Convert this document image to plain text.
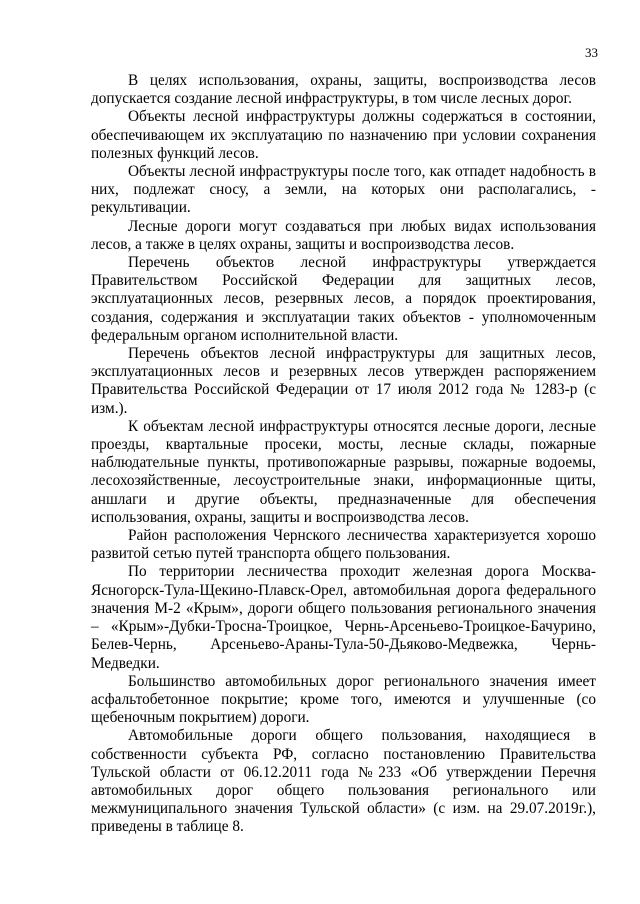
33

В целях использования, охраны, защиты, воспроизводства лесов допускается создание лесной инфраструктуры, в том числе лесных дорог.

Объекты лесной инфраструктуры должны содержаться в состоянии, обеспечивающем их эксплуатацию по назначению при условии сохранения полезных функций лесов.

Объекты лесной инфраструктуры после того, как отпадет надобность в них, подлежат сносу, а земли, на которых они располагались, - рекультивации.

Лесные дороги могут создаваться при любых видах использования лесов, а также в целях охраны, защиты и воспроизводства лесов.

Перечень объектов лесной инфраструктуры утверждается Правительством Российской Федерации для защитных лесов, эксплуатационных лесов, резервных лесов, а порядок проектирования, создания, содержания и эксплуатации таких объектов - уполномоченным федеральным органом исполнительной власти.

Перечень объектов лесной инфраструктуры для защитных лесов, эксплуатационных лесов и резервных лесов утвержден распоряжением Правительства Российской Федерации от 17 июля 2012 года № 1283-р (с изм.).

К объектам лесной инфраструктуры относятся лесные дороги, лесные проезды, квартальные просеки, мосты, лесные склады, пожарные наблюдательные пункты, противопожарные разрывы, пожарные водоемы, лесохозяйственные, лесоустроительные знаки, информационные щиты, аншлаги и другие объекты, предназначенные для обеспечения использования, охраны, защиты и воспроизводства лесов.

Район расположения Чернского лесничества характеризуется хорошо развитой сетью путей транспорта общего пользования.

По территории лесничества проходит железная дорога Москва-Ясногорск-Тула-Щекино-Плавск-Орел, автомобильная дорога федерального значения М-2 «Крым», дороги общего пользования регионального значения – «Крым»-Дубки-Тросна-Троицкое, Чернь-Арсеньево-Троицкое-Бачурино, Белев-Чернь, Арсеньево-Араны-Тула-50-Дьяково-Медвежка, Чернь-Медведки.

Большинство автомобильных дорог регионального значения имеет асфальтобетонное покрытие; кроме того, имеются и улучшенные (со щебеночным покрытием) дороги.

Автомобильные дороги общего пользования, находящиеся в собственности субъекта РФ, согласно постановлению Правительства Тульской области от 06.12.2011 года №233 «Об утверждении Перечня автомобильных дорог общего пользования регионального или межмуниципального значения Тульской области» (с изм. на 29.07.2019г.), приведены в таблице 8.
